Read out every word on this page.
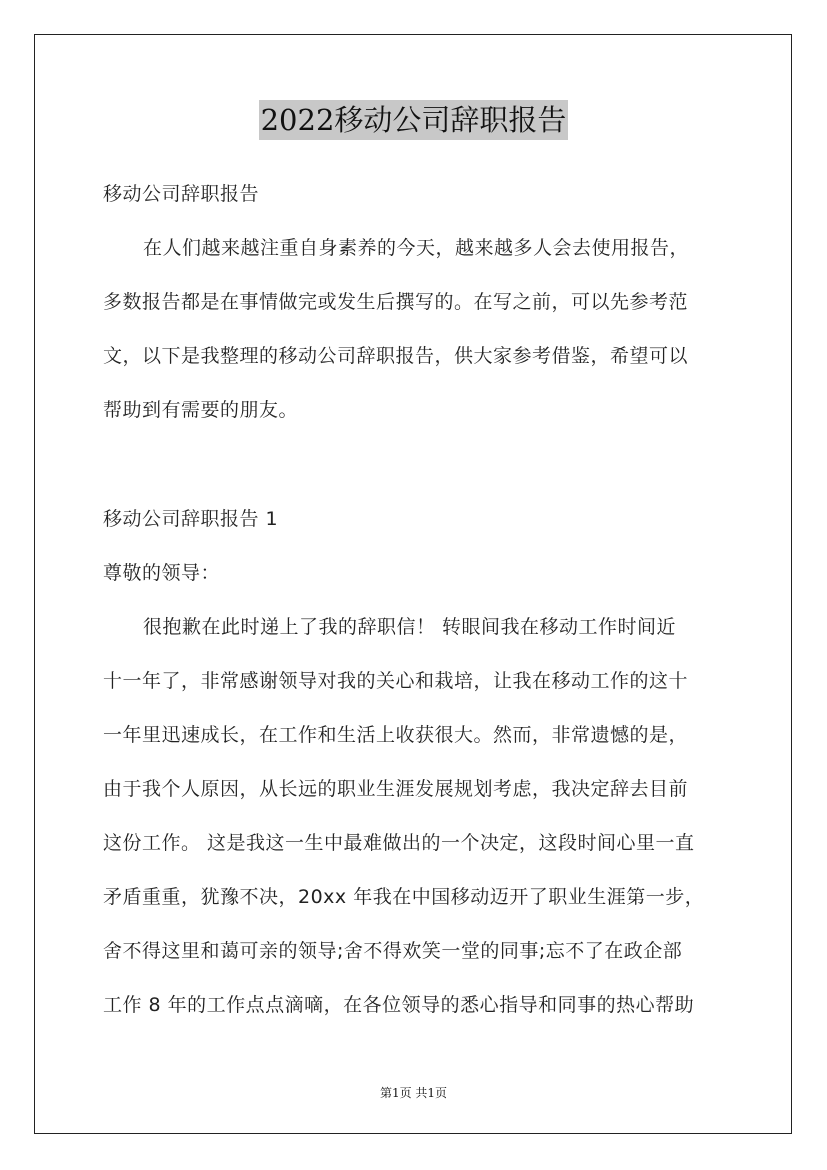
2022移动公司辞职报告
移动公司辞职报告
在人们越来越注重自身素养的今天，越来越多人会去使用报告，
多数报告都是在事情做完或发生后撰写的。在写之前，可以先参考范
文，以下是我整理的移动公司辞职报告，供大家参考借鉴，希望可以
帮助到有需要的朋友。
移动公司辞职报告 1
尊敬的领导：
很抱歉在此时递上了我的辞职信！ 转眼间我在移动工作时间近
十一年了，非常感谢领导对我的关心和栽培，让我在移动工作的这十
一年里迅速成长，在工作和生活上收获很大。然而，非常遗憾的是，
由于我个人原因，从长远的职业生涯发展规划考虑，我决定辞去目前
这份工作。 这是我这一生中最难做出的一个决定，这段时间心里一直
矛盾重重，犹豫不决，20xx 年我在中国移动迈开了职业生涯第一步，
舍不得这里和蔼可亲的领导;舍不得欢笑一堂的同事;忘不了在政企部
工作 8 年的工作点点滴嘀，在各位领导的悉心指导和同事的热心帮助
第1页 共1页
